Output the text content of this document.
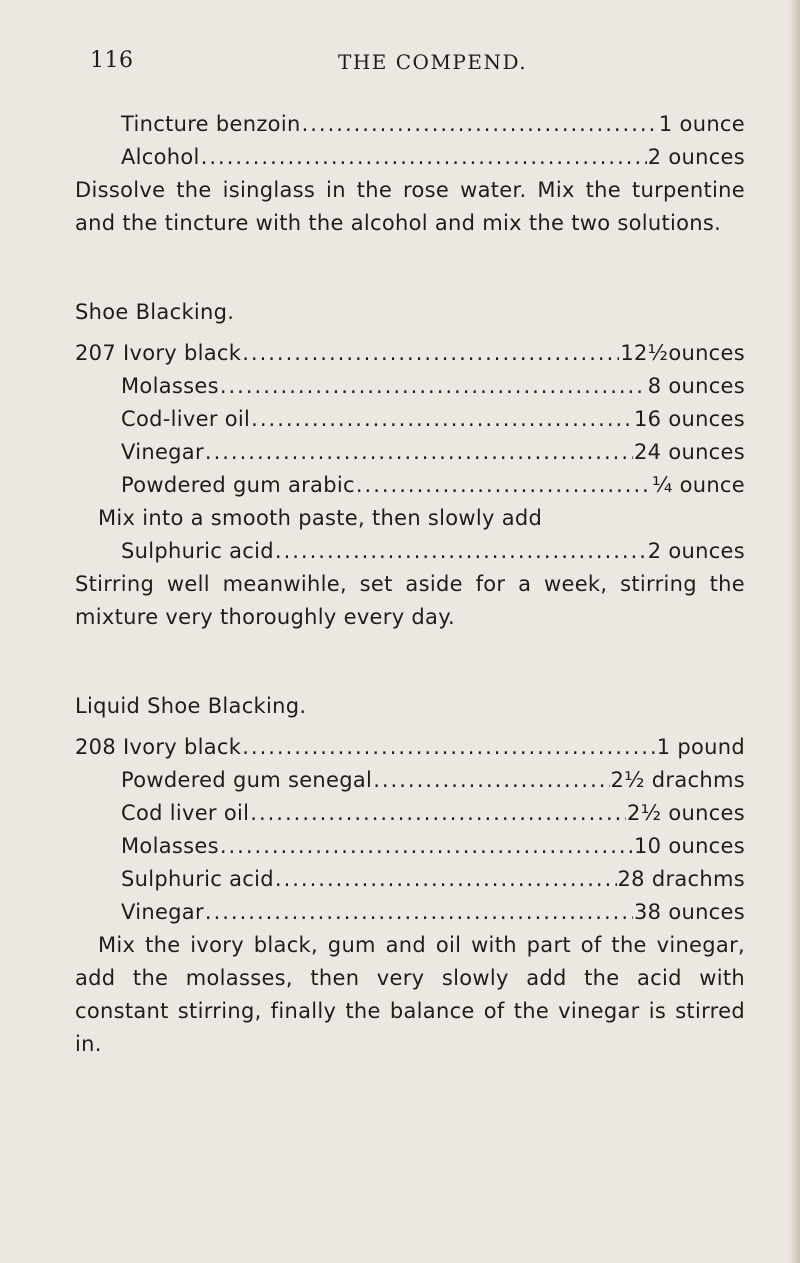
116	THE COMPEND.
Tincture benzoin .....	1 ounce
Alcohol .....	2 ounces

Dissolve the isinglass in the rose water. Mix the turpentine and the tincture with the alcohol and mix the two solutions.

Shoe Blacking.

207
Ivory black .....	12½ounces
Molasses .....	8 ounces
Cod-liver oil .....	16 ounces
Vinegar .....	24 ounces
Powdered gum arabic .....	¼ ounce

Mix into a smooth paste, then slowly add

Sulphuric acid .....	2 ounces

Stirring well meanwihle, set aside for a week, stirring the mixture very thoroughly every day.

Liquid Shoe Blacking.

208
Ivory black .....	1 pound
Powdered gum senegal .....	2½ drachms
Cod liver oil .....	2½ ounces
Molasses .....	10 ounces
Sulphuric acid .....	28 drachms
Vinegar .....	38 ounces

Mix the ivory black, gum and oil with part of the vinegar, add the molasses, then very slowly add the acid with constant stirring, finally the balance of the vinegar is stirred in.
